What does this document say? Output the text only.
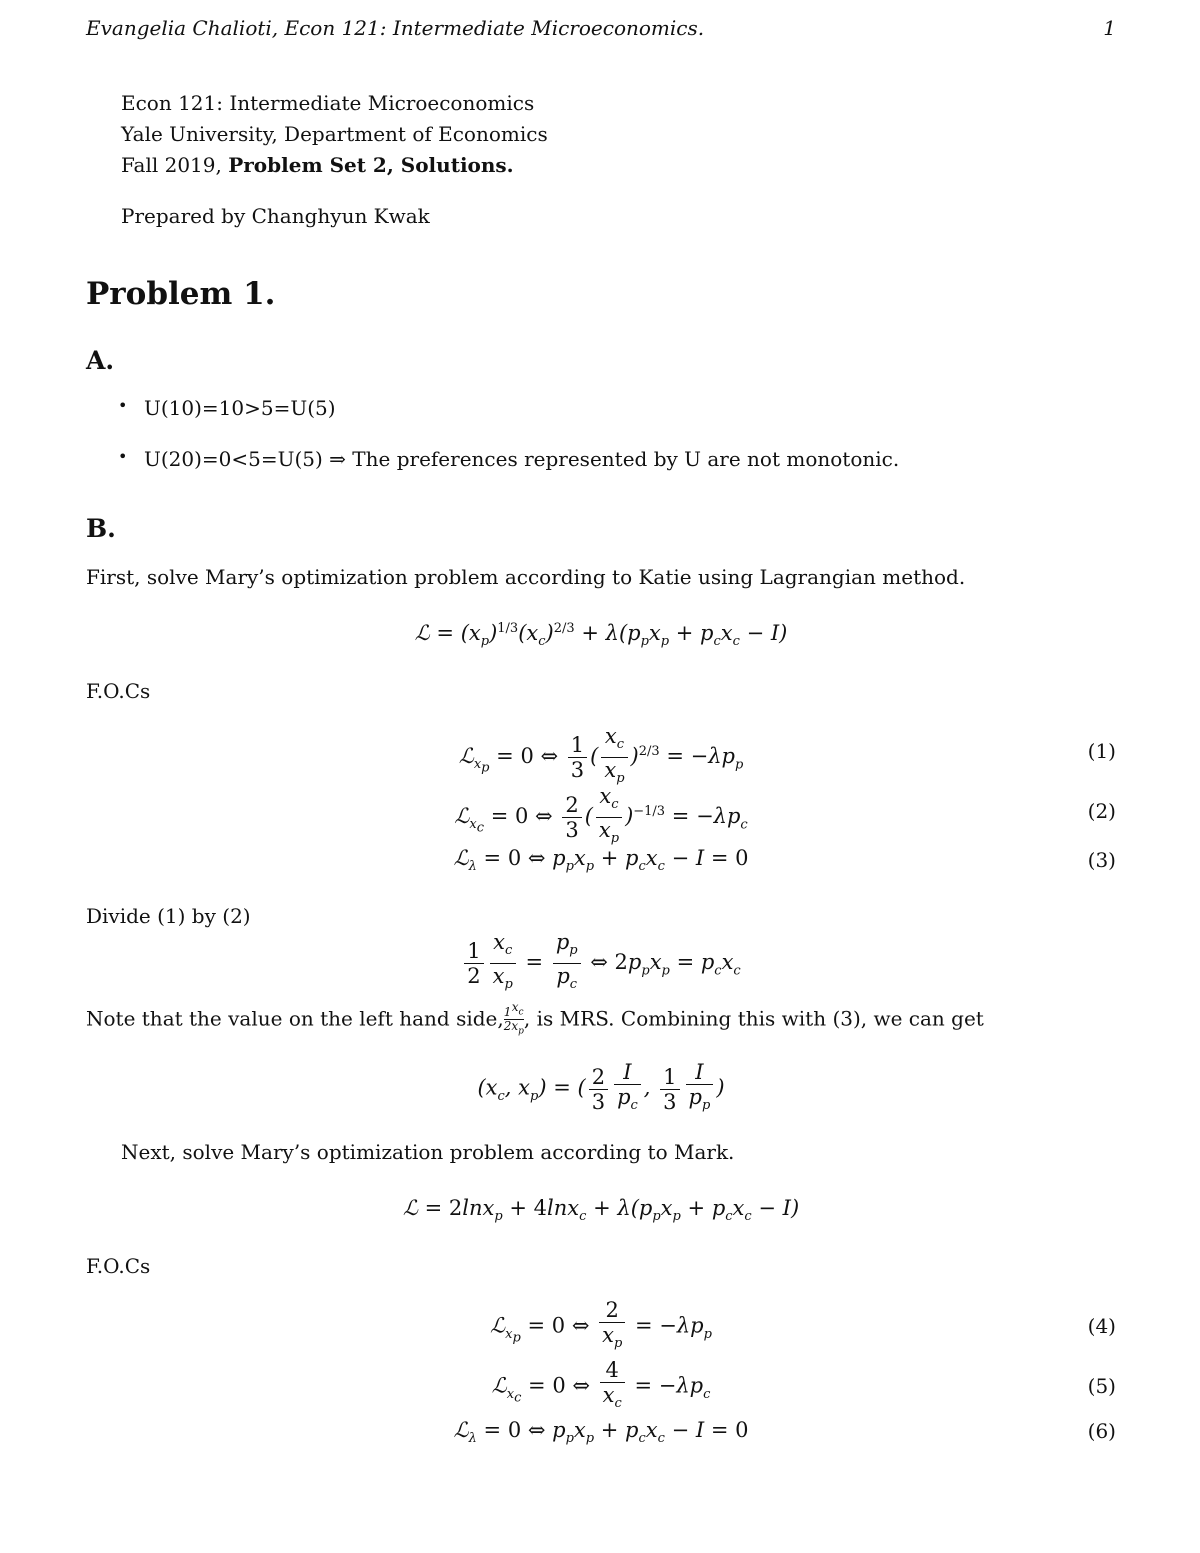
Evangelia Chalioti, Econ 121: Intermediate Microeconomics.	1
Econ 121: Intermediate Microeconomics
Yale University, Department of Economics
Fall 2019, Problem Set 2, Solutions.
Prepared by Changhyun Kwak
Problem 1.
A.
• U(10)=10>5=U(5)
• U(20)=0<5=U(5) ⇒ The preferences represented by U are not monotonic.
B.
First, solve Mary’s optimization problem according to Katie using Lagrangian method.
ℒ = $(x_p)^{1/3}(x_c)^{2/3} + \lambda(p_px_p + p_cx_c - I)$
F.O.Cs
ℒ$_{x_p}$ = 0 ⇔ $\frac{1}{3}$ ( $\frac{x_c}{x_p} )^{2/3} = -\lambda p_p$
(1)
ℒ$_{x_c}$ = 0 ⇔ $\frac{2}{3}$ ( $\frac{x_c}{x_p} )^{-1/3} = -\lambda p_c$
(2)
ℒ$_\lambda$ = 0 ⇔ $p_px_p + p_cx_c - I = 0$	(3)
Divide (1) by (2)
$\frac{1}{2} \frac{x_c}{x_p} = \frac{p_p}{p_c}$ ⇔ $2p_px_p = p_cx_c$
Note that the value on the left hand side, $\frac{1}{2} \frac{x_c}{x_p}$ , is MRS. Combining this with (3), we can get
($x_c$, $x_p$) = ( $\frac{2}{3} \frac{I}{p_c}$ , $\frac{1}{3} \frac{I}{p_p}$ )
Next, solve Mary’s optimization problem according to Mark.
ℒ = $2\ln x_p + 4\ln x_c + \lambda(p_px_p + p_cx_c - I)$
F.O.Cs
ℒ$_{x_p}$ = 0 ⇔ $\frac{2}{x_p} = -\lambda p_p$	(4)
ℒ$_{x_c}$ = 0 ⇔ $\frac{4}{x_c} = -\lambda p_c$	(5)
ℒ$_\lambda$ = 0 ⇔ $p_px_p + p_cx_c - I = 0$	(6)
